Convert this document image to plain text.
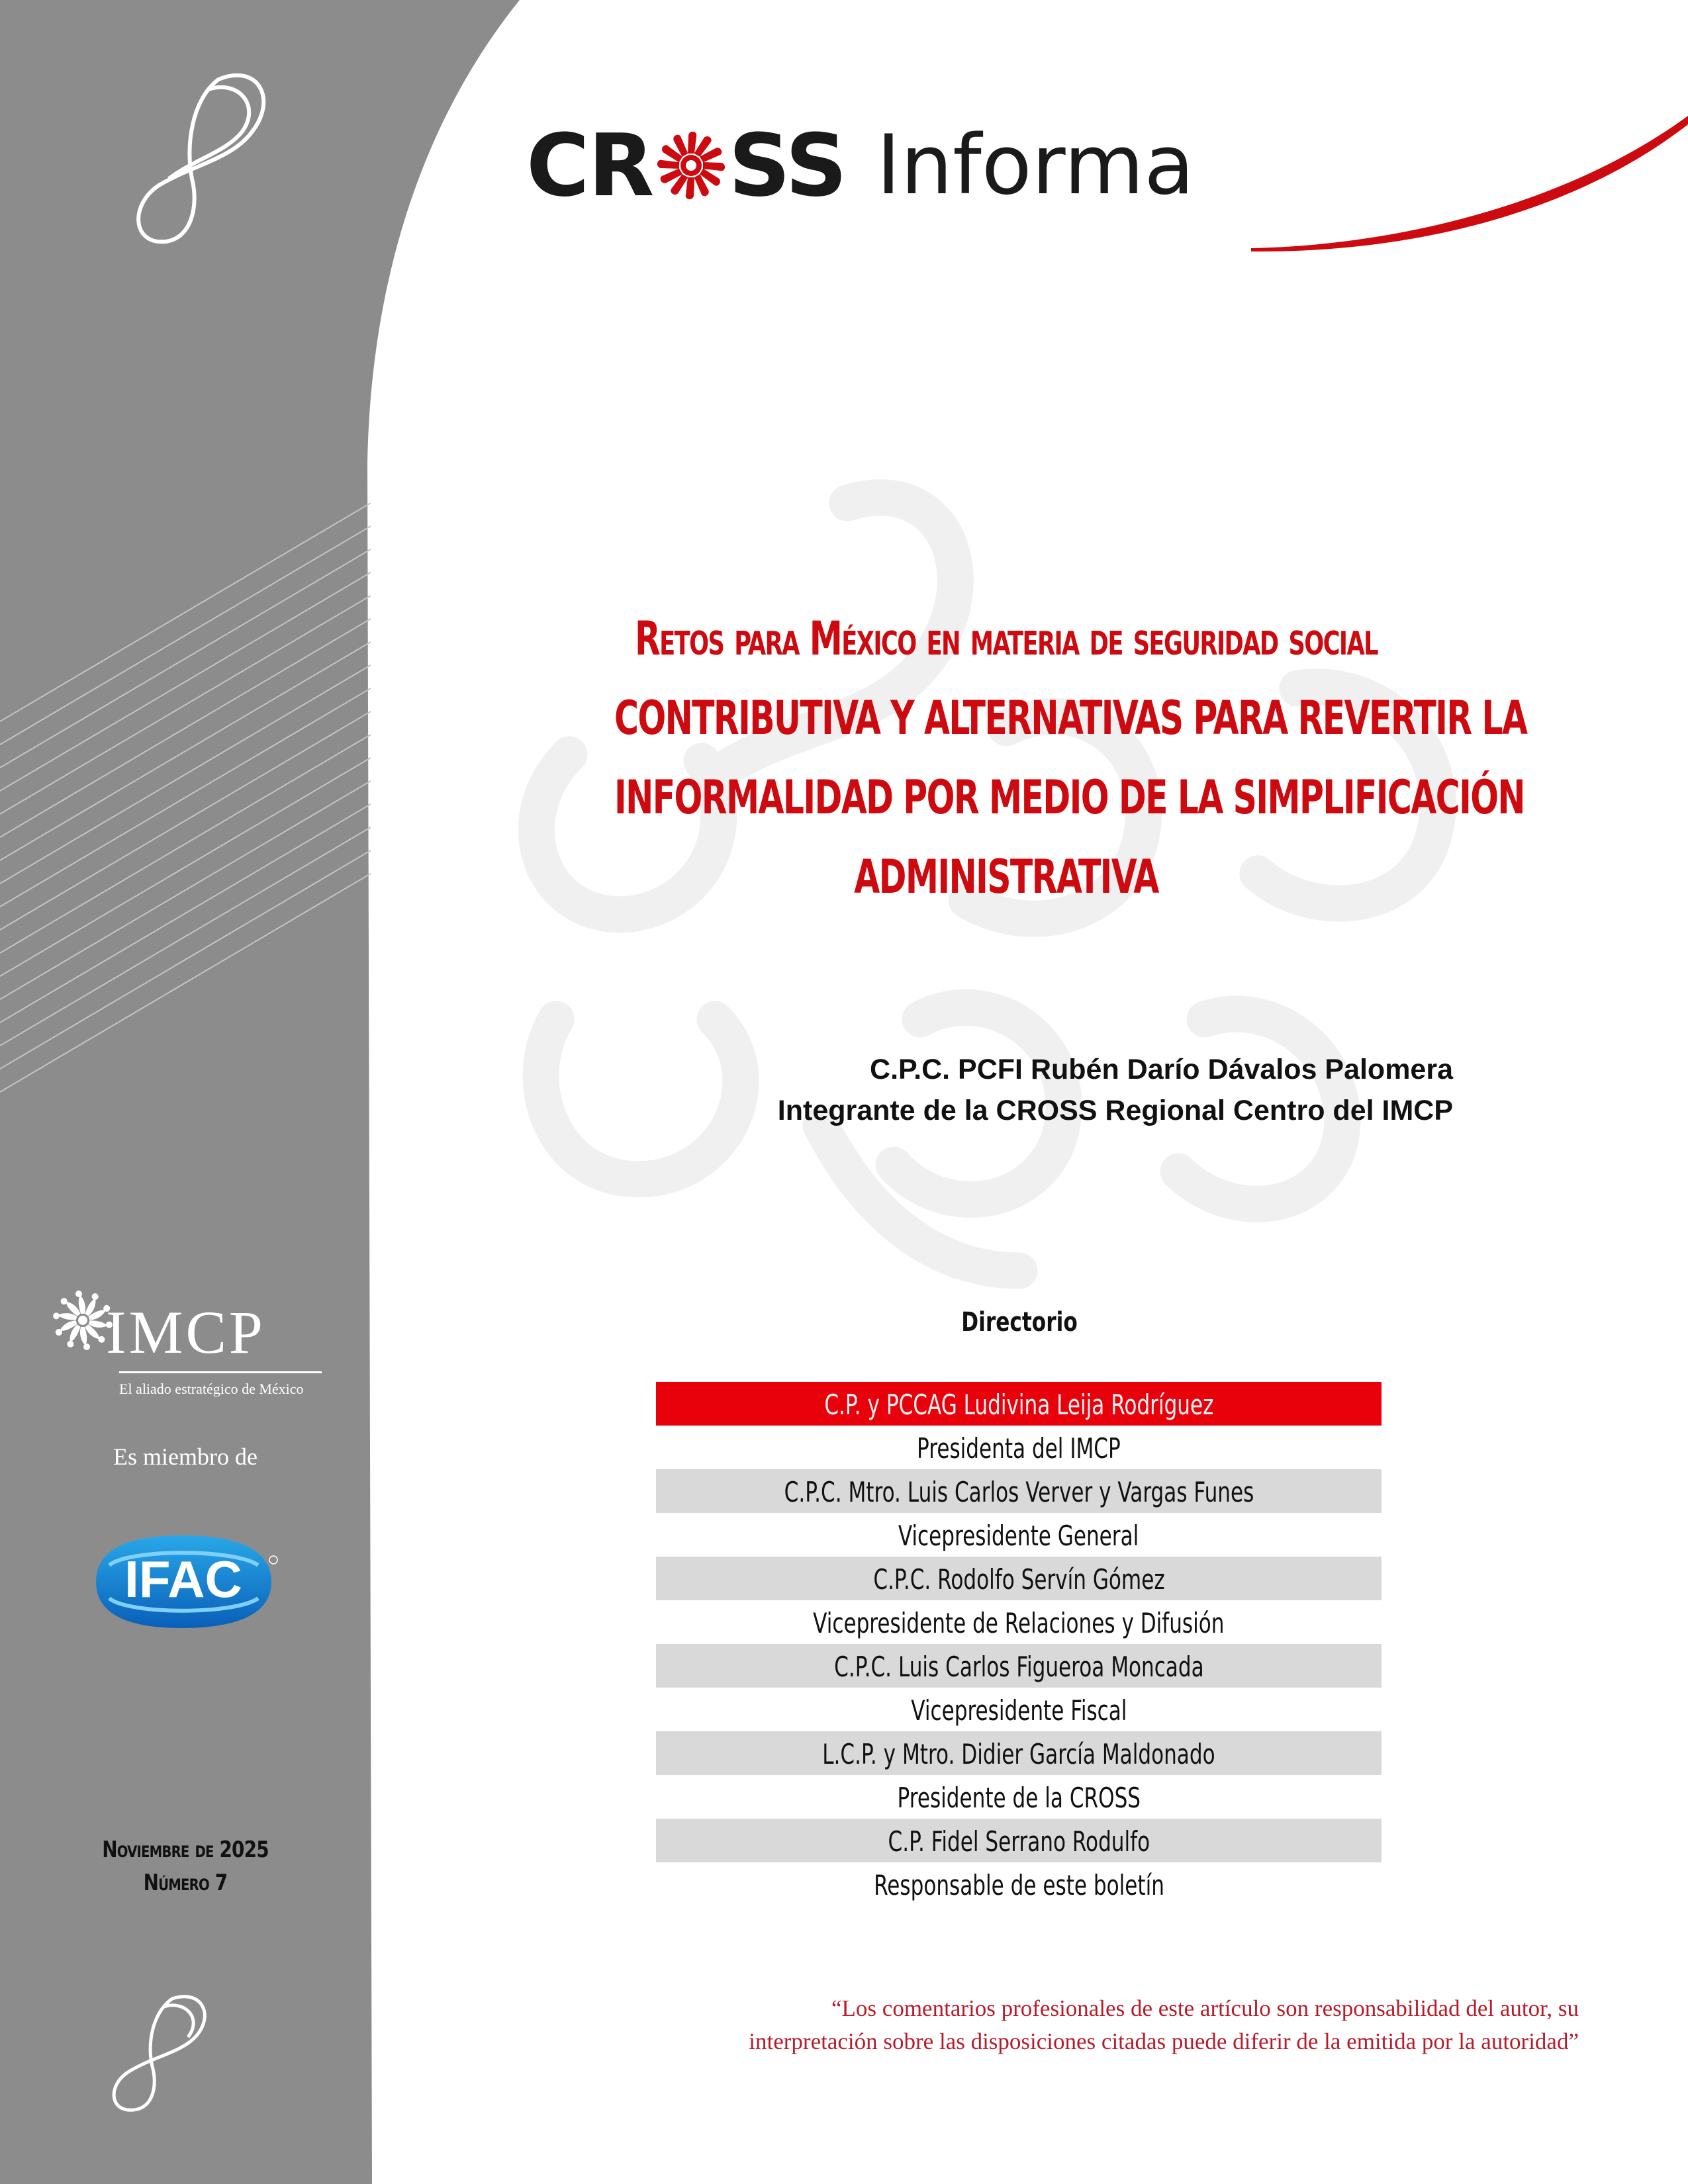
CR SS Informa
Retos para México en materia de seguridad social
CONTRIBUTIVA Y ALTERNATIVAS PARA REVERTIR LA
INFORMALIDAD POR MEDIO DE LA SIMPLIFICACIÓN
ADMINISTRATIVA
C.P.C. PCFI Rubén Darío Dávalos Palomera
Integrante de la CROSS Regional Centro del IMCP
IMCP
El aliado estratégico de México
Es miembro de
IFAC
Noviembre de 2025
Número 7
Directorio
C.P. y PCCAG Ludivina Leija Rodríguez
Presidenta del IMCP
C.P.C. Mtro. Luis Carlos Verver y Vargas Funes
Vicepresidente General
C.P.C. Rodolfo Servín Gómez
Vicepresidente de Relaciones y Difusión
C.P.C. Luis Carlos Figueroa Moncada
Vicepresidente Fiscal
L.C.P. y Mtro. Didier García Maldonado
Presidente de la CROSS
C.P. Fidel Serrano Rodulfo
Responsable de este boletín
“Los comentarios profesionales de este artículo son responsabilidad del autor, su
interpretación sobre las disposiciones citadas puede diferir de la emitida por la autoridad”
